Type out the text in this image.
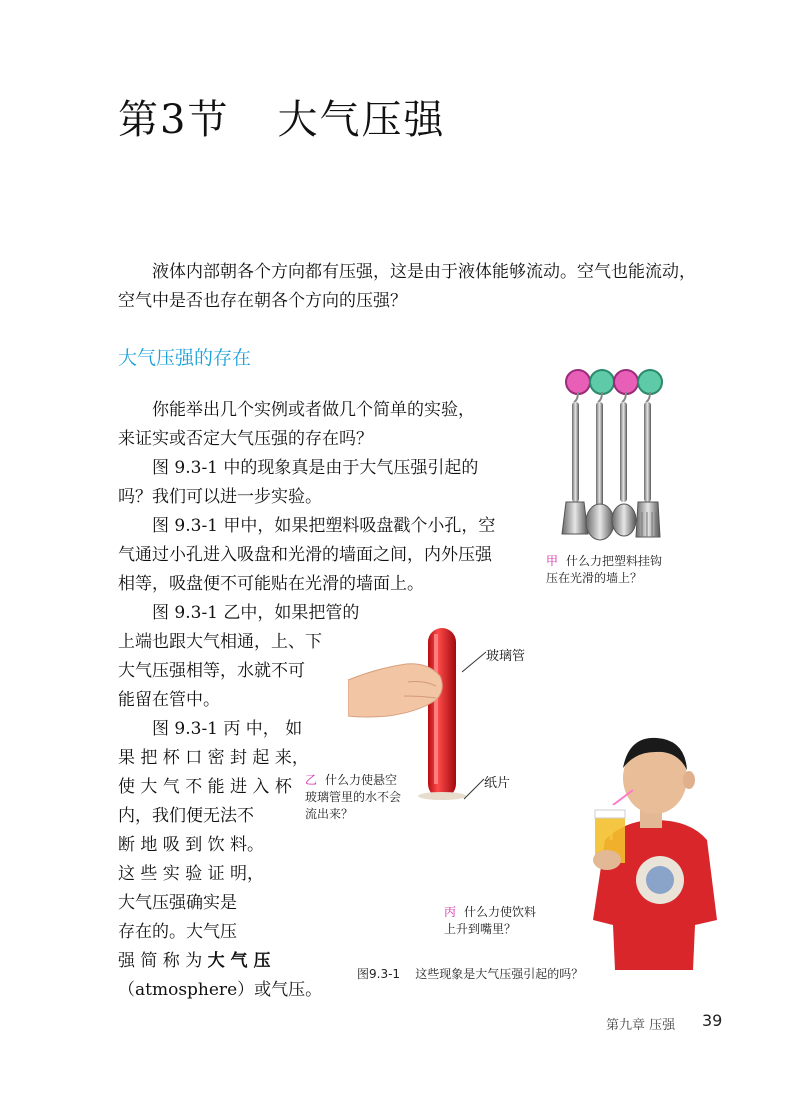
第3节 大气压强
液体内部朝各个方向都有压强，这是由于液体能够流动。空气也能流动，
空气中是否也存在朝各个方向的压强？
大气压强的存在
你能举出几个实例或者做几个简单的实验，
来证实或否定大气压强的存在吗？
图 9.3-1 中的现象真是由于大气压强引起的
吗？我们可以进一步实验。
图 9.3-1 甲中，如果把塑料吸盘戳个小孔，空
气通过小孔进入吸盘和光滑的墙面之间，内外压强
相等，吸盘便不可能贴在光滑的墙面上。
图 9.3-1 乙中，如果把管的
上端也跟大气相通，上、下
大气压强相等，水就不可
能留在管中。
图 9.3-1 丙 中， 如
果 把 杯 口 密 封 起 来，
使 大 气 不 能 进 入 杯
内，我们便无法不
断 地 吸 到 饮 料。
这 些 实 验 证 明，
大气压强确实是
存在的。大气压
强 简 称 为 大 气 压
（atmosphere）或气压。
甲 什么力把塑料挂钩
压在光滑的墙上？
玻璃管
纸片
乙 什么力使悬空
玻璃管里的水不会
流出来？
丙 什么力使饮料
上升到嘴里？
图9.3-1    这些现象是大气压强引起的吗？
第九章 压强 39
